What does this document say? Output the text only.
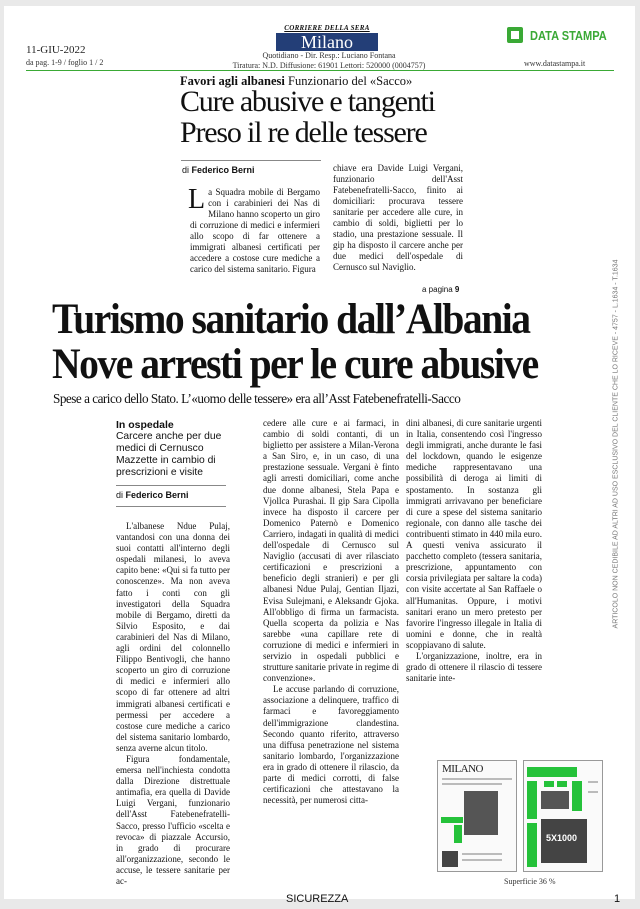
11-GIU-2022
da pag. 1-9 / foglio 1 / 2
CORRIERE DELLA SERA
Milano
Quotidiano - Dir. Resp.: Luciano Fontana
Tiratura: N.D. Diffusione: 61901 Lettori: 520000 (0004757)
DATA STAMPA
www.datastampa.it
Favori agli albanesi Funzionario del «Sacco»
Cure abusive e tangenti
Preso il re delle tessere
di Federico Berni
La Squadra mobile di Bergamo con i carabinieri dei Nas di Milano hanno scoperto un giro di corruzione di medici e infermieri allo scopo di far ottenere a immigrati albanesi certificati per accedere a costose cure mediche a carico del sistema sanitario. Figura
chiave era Davide Luigi Vergani, funzionario dell'Asst Fatebenefratelli-Sacco, finito ai domiciliari: procurava tessere sanitarie per accedere alle cure, in cambio di soldi, biglietti per lo stadio, una prestazione sessuale. Il gip ha disposto il carcere anche per due medici dell'ospedale di Cernusco sul Naviglio.
a pagina 9
Turismo sanitario dall’Albania
Nove arresti per le cure abusive
Spese a carico dello Stato. L’«uomo delle tessere» era all’Asst Fatebenefratelli-Sacco
In ospedale
Carcere anche per due medici di Cernusco Mazzette in cambio di prescrizioni e visite
di Federico Berni

L'albanese Ndue Pulaj, vantandosi con una donna dei suoi contatti all'interno degli ospedali milanesi, lo aveva capito bene: «Qui si fa tutto per conoscenze». Ma non aveva fatto i conti con gli investigatori della Squadra mobile di Bergamo, diretti da Silvio Esposito, e dai carabinieri del Nas di Milano, agli ordini del colonnello Filippo Bentivogli, che hanno scoperto un giro di corruzione di medici e infermieri allo scopo di far ottenere ad altri immigrati albanesi certificati e permessi per accedere a costose cure mediche a carico del sistema sanitario lombardo, senza averne alcun titolo.

Figura fondamentale, emersa nell'inchiesta condotta dalla Direzione distrettuale antimafia, era quella di Davide Luigi Vergani, funzionario dell'Asst Fatebenefratelli-Sacco, presso l'ufficio «scelta e revoca» di piazzale Accursio, in grado di procurare all'organizzazione, secondo le accuse, le tessere sanitarie per ac-

cedere alle cure e ai farmaci, in cambio di soldi contanti, di un biglietto per assistere a Milan-Verona a San Siro, e, in un caso, di una prestazione sessuale. Vergani è finto agli arresti domiciliari, come anche due donne albanesi, Stela Papa e Vjollca Purashai. Il gip Sara Cipolla invece ha disposto il carcere per Domenico Paternò e Domenico Carriero, indagati in qualità di medici dell'ospedale di Cernusco sul Naviglio (accusati di aver rilasciato certificazioni e prescrizioni a beneficio degli stranieri) e per gli albanesi Ndue Pulaj, Gentian Iljazi, Evisa Sulejmani, e Aleksandr Gjoka. All'obbligo di firma un farmacista. Quella scoperta da polizia e Nas sarebbe «una capillare rete di corruzione di medici e infermieri in servizio in ospedali pubblici e strutture sanitarie private in regime di convenzione».

Le accuse parlando di corruzione, associazione a delinquere, traffico di farmaci e favoreggiamento dell'immigrazione clandestina. Secondo quanto riferito, attraverso una diffusa penetrazione nel sistema sanitario lombardo, l'organizzazione era in grado di ottenere il rilascio, da parte di medici corrotti, di false certificazioni che attestavano la necessità, per numerosi citta-

dini albanesi, di cure sanitarie urgenti in Italia, consentendo così l'ingresso degli immigrati, anche durante le fasi del lockdown, quando le esigenze mediche rappresentavano una possibilità di deroga ai limiti di spostamento. In sostanza gli immigrati arrivavano per beneficiare di cure a spese del sistema sanitario regionale, con danno alle tasche dei contribuenti stimato in 440 mila euro. A questi veniva assicurato il pacchetto completo (tessera sanitaria, prescrizione, appuntamento con corsia privilegiata per saltare la coda) con visite accertate al San Raffaele o all'Humanitas. Oppure, i motivi sanitari erano un mero pretesto per favorire l'ingresso illegale in Italia di uomini e donne, che in realtà scoppiavano di salute.

L'organizzazione, inoltre, era in grado di ottenere il rilascio di tessere sanitarie inte-

ARTICOLO NON CEDIBILE AD ALTRI AD USO ESCLUSIVO DEL CLIENTE CHE LO RICEVE - 4757 - L.1634 - T.1634
MILANO
5X1000
Superficie 36 %
SICUREZZA	1
